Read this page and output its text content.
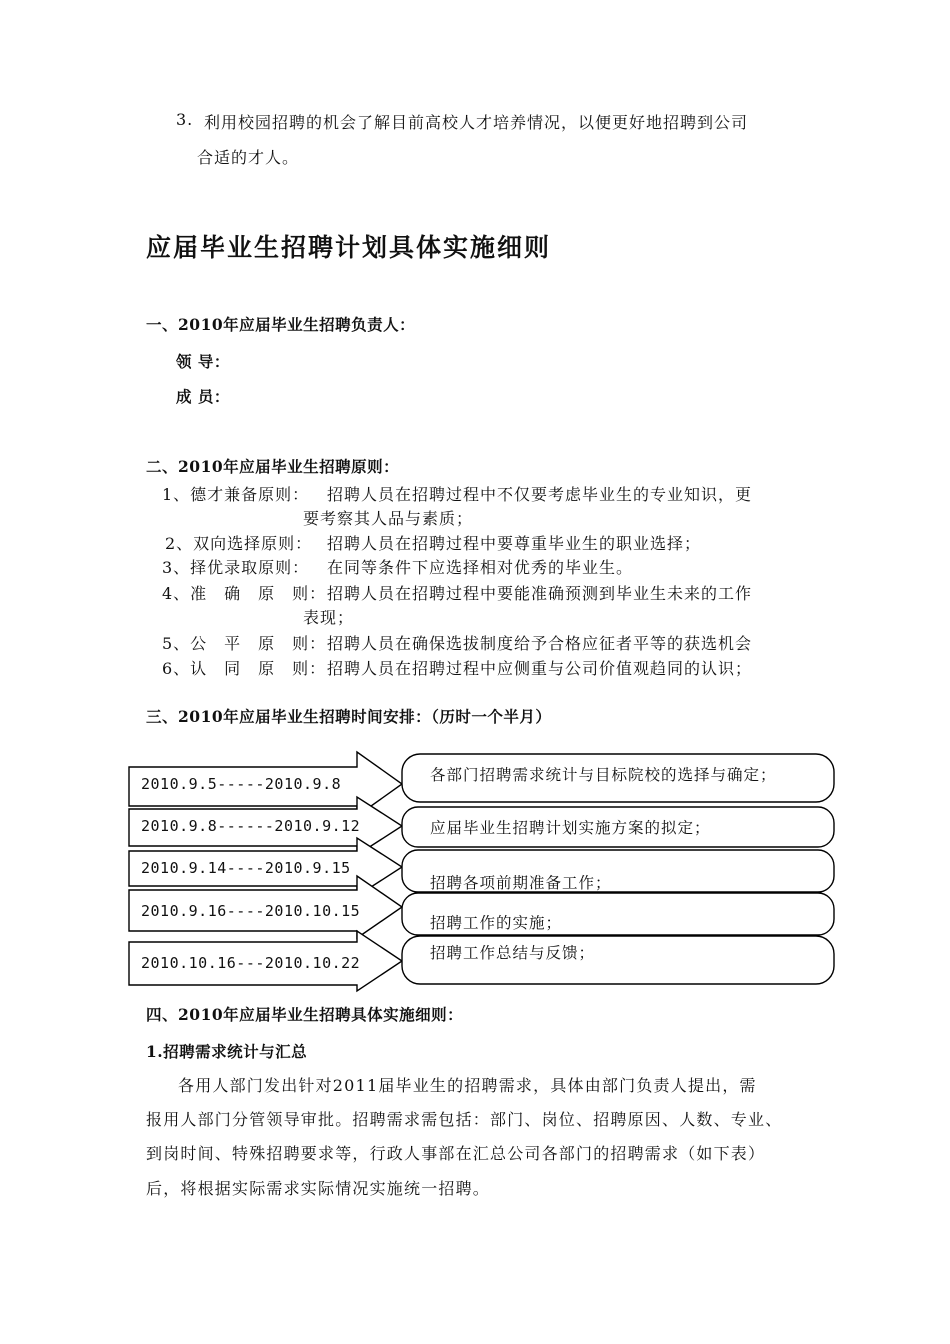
3. 利用校园招聘的机会了解目前高校人才培养情况，以便更好地招聘到公司
合适的才人。
应届毕业生招聘计划具体实施细则
一、2010年应届毕业生招聘负责人：
领 导：
成 员：
二、2010年应届毕业生招聘原则：
1、德才兼备原则： 招聘人员在招聘过程中不仅要考虑毕业生的专业知识，更
要考察其人品与素质；
2、双向选择原则： 招聘人员在招聘过程中要尊重毕业生的职业选择；
3、择优录取原则： 在同等条件下应选择相对优秀的毕业生。
4、准　确　原　则： 招聘人员在招聘过程中要能准确预测到毕业生未来的工作
表现；
5、公　平　原　则： 招聘人员在确保选拔制度给予合格应征者平等的获选机会
6、认　同　原　则： 招聘人员在招聘过程中应侧重与公司价值观趋同的认识；
三、2010年应届毕业生招聘时间安排：（历时一个半月）
2010.9.5-----2010.9.8
2010.9.8------2010.9.12
2010.9.14----2010.9.15
2010.9.16----2010.10.15
2010.10.16---2010.10.22
各部门招聘需求统计与目标院校的选择与确定；
应届毕业生招聘计划实施方案的拟定；
招聘各项前期准备工作；
招聘工作的实施；
招聘工作总结与反馈；
四、2010年应届毕业生招聘具体实施细则：
1.招聘需求统计与汇总
各用人部门发出针对2011届毕业生的招聘需求，具体由部门负责人提出，需
报用人部门分管领导审批。招聘需求需包括：部门、岗位、招聘原因、人数、专业、
到岗时间、特殊招聘要求等，行政人事部在汇总公司各部门的招聘需求（如下表）
后，将根据实际需求实际情况实施统一招聘。
